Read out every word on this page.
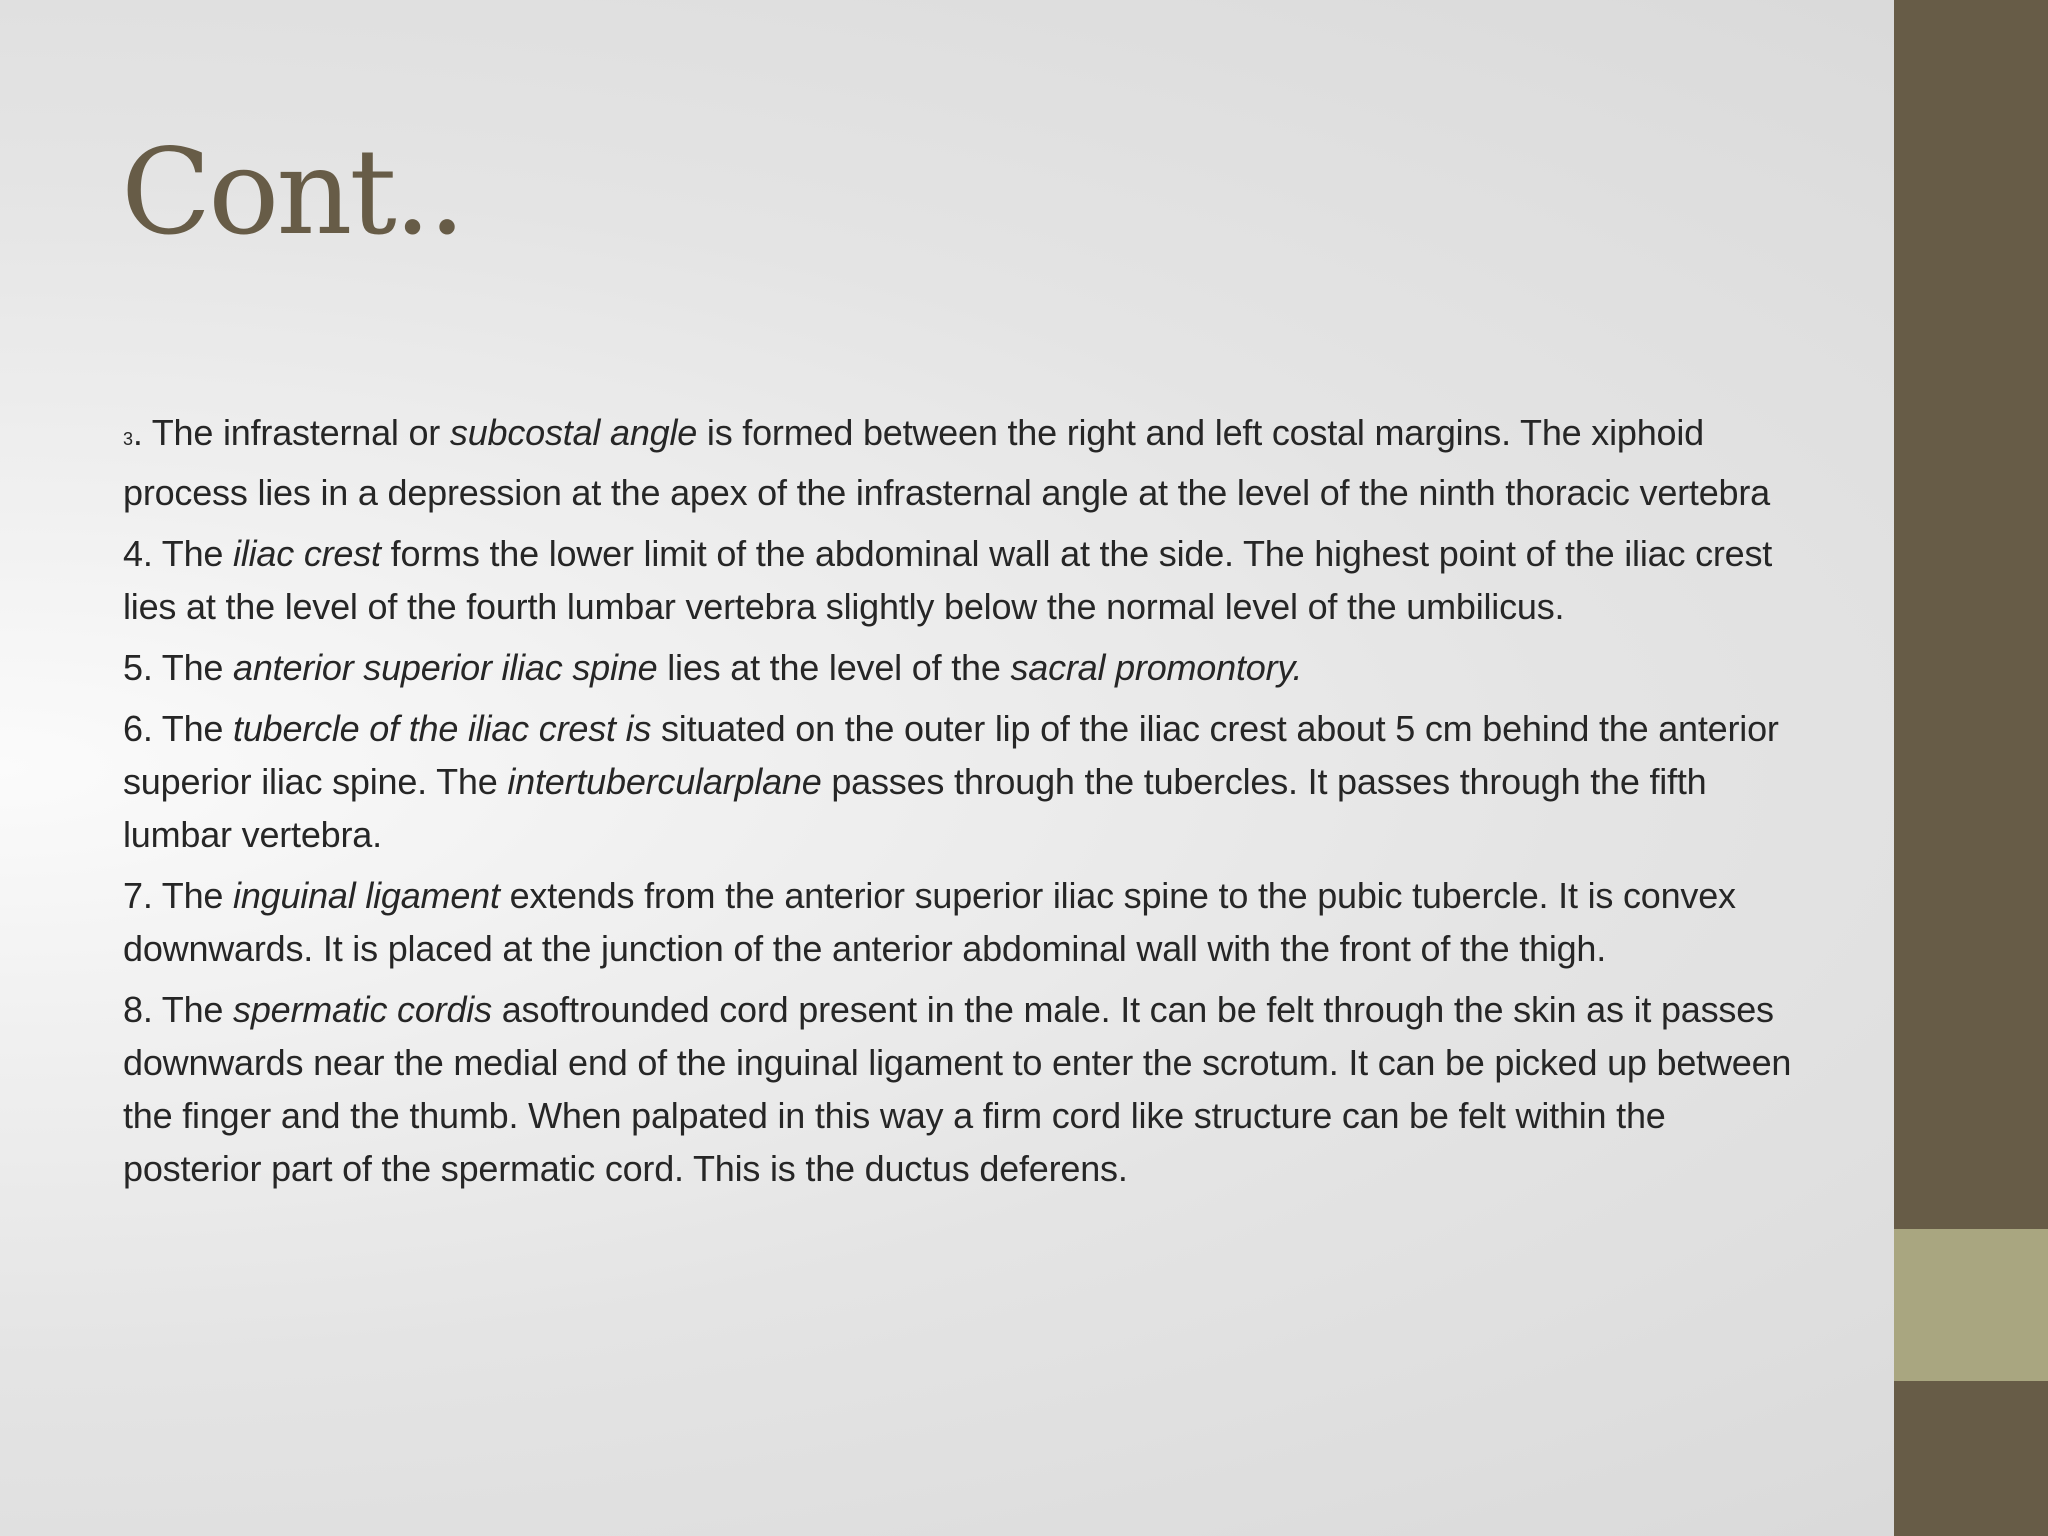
Cont..

3. The infrasternal or subcostal angle is formed between the right and left costal margins. The xiphoid process lies in a depression at the apex of the infrasternal angle at the level of the ninth thoracic vertebra

4. The iliac crest forms the lower limit of the abdominal wall at the side. The highest point of the iliac crest lies at the level of the fourth lumbar vertebra slightly below the normal level of the umbilicus.

5. The anterior superior iliac spine lies at the level of the sacral promontory.

6. The tubercle of the iliac crest is situated on the outer lip of the iliac crest about 5 cm behind the anterior superior iliac spine. The intertubercularplane passes through the tubercles. It passes through the fifth lumbar vertebra.

7. The inguinal ligament extends from the anterior superior iliac spine to the pubic tubercle. It is convex downwards. It is placed at the junction of the anterior abdominal wall with the front of the thigh.

8. The spermatic cordis asoftrounded cord present in the male. It can be felt through the skin as it passes downwards near the medial end of the inguinal ligament to enter the scrotum. It can be picked up between the finger and the thumb. When palpated in this way a firm cord like structure can be felt within the posterior part of the spermatic cord. This is the ductus deferens.
